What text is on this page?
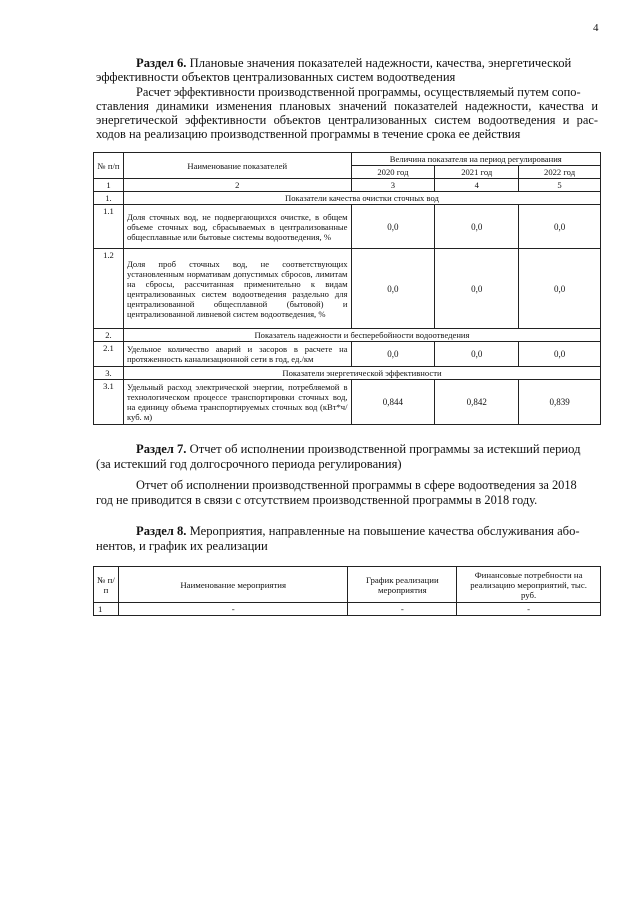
4
Раздел 6. Плановые значения показателей надежности, качества, энергетической
эффективности объектов централизованных систем водоотведения
Расчет эффективности производственной программы, осуществляемый путем сопо-
ставления динамики изменения плановых значений показателей надежности, качества и
энергетической эффективности объектов централизованных систем водоотведения и рас-
ходов на реализацию производственной программы в течение срока ее действия
№ п/п	Наименование показателей	Величина показателя на период регулирования		
		2020 год	2021 год	2022 год
1	2	3	4	5
1.	Показатели качества очистки сточных вод			
1.1	Доля сточных вод, не подвергающихся очистке, в общем объеме сточных вод, сбрасываемых в централизованные общесплавные или бытовые системы водоотведения, %	0,0	0,0	0,0
1.2	Доля проб сточных вод, не соответствующих установленным нормативам допустимых сбросов, лимитам на сбросы, рассчитанная применительно к видам централизованных систем водоотведения раздельно для централизованной общесплавной (бытовой) и централизованной ливневой систем водоотведения, %	0,0	0,0	0,0
2.	Показатель надежности и бесперебойности водоотведения			
2.1	Удельное количество аварий и засоров в расчете на протяженность канализационной сети в год, ед./км	0,0	0,0	0,0
3.	Показатели энергетической эффективности			
3.1	Удельный расход электрической энергии, потребляемой в технологическом процессе транспортировки сточных вод, на единицу объема транспортируемых сточных вод (кВт*ч/ куб. м)	0,844	0,842	0,839
Раздел 7. Отчет об исполнении производственной программы за истекший период
(за истекший год долгосрочного периода регулирования)
Отчет об исполнении производственной программы в сфере водоотведения за 2018
год не приводится в связи с отсутствием производственной программы в 2018 году.
Раздел 8. Мероприятия, направленные на повышение качества обслуживания або-
нентов, и график их реализации
№ п/п	Наименование мероприятия	График реализации мероприятия	Финансовые потребности на реализацию мероприятий, тыс. руб.
1	-	-	-
